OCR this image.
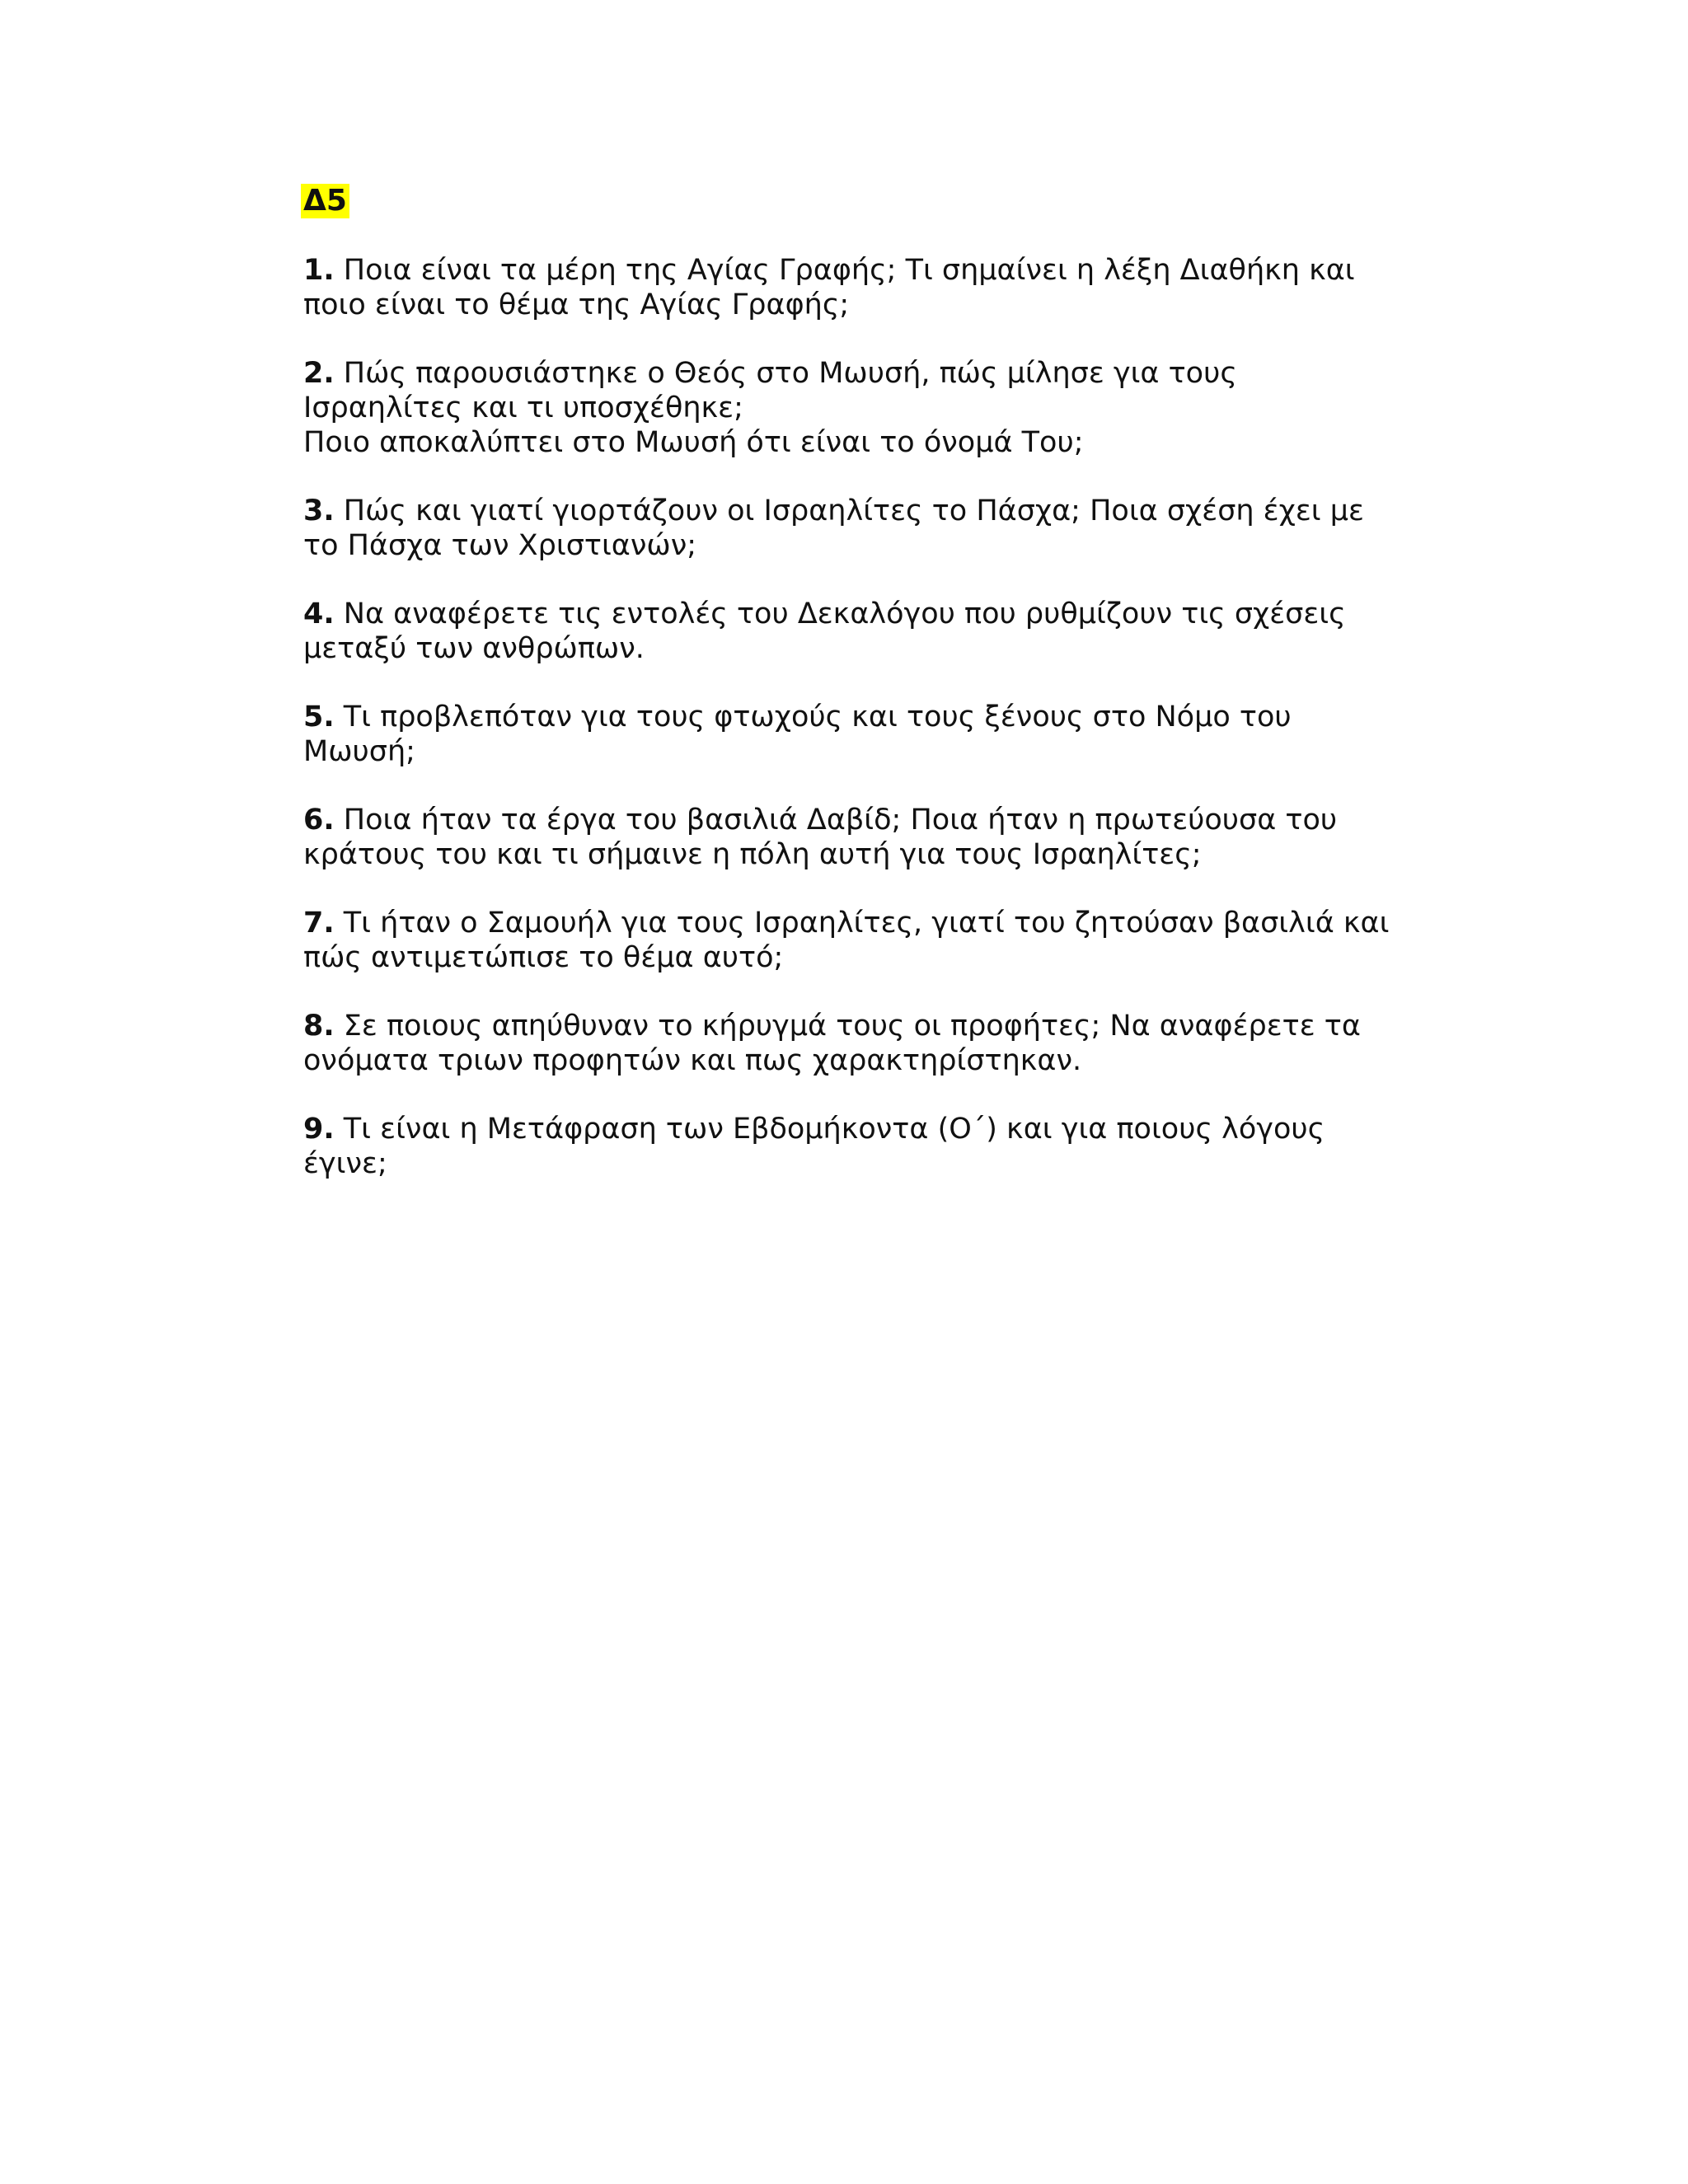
Δ5

1. Ποια είναι τα μέρη της Αγίας Γραφής; Τι σημαίνει η λέξη Διαθήκη και ποιο είναι το θέμα της Αγίας Γραφής;

2. Πώς παρουσιάστηκε ο Θεός στο Μωυσή, πώς μίλησε για τους Ισραηλίτες και τι υποσχέθηκε;

Ποιο αποκαλύπτει στο Μωυσή ότι είναι το όνομά Του;

3. Πώς και γιατί γιορτάζουν οι Ισραηλίτες το Πάσχα; Ποια σχέση έχει με το Πάσχα των Χριστιανών;

4. Να αναφέρετε τις εντολές του Δεκαλόγου που ρυθμίζουν τις σχέσεις μεταξύ των ανθρώπων.

5. Τι προβλεπόταν για τους φτωχούς και τους ξένους στο Νόμο του Μωυσή;

6. Ποια ήταν τα έργα του βασιλιά Δαβίδ; Ποια ήταν η πρωτεύουσα του κράτους του και τι σήμαινε η πόλη αυτή για τους Ισραηλίτες;

7. Τι ήταν ο Σαμουήλ για τους Ισραηλίτες, γιατί του ζητούσαν βασιλιά και πώς αντιμετώπισε το θέμα αυτό;

8. Σε ποιους απηύθυναν το κήρυγμά τους οι προφήτες; Να αναφέρετε τα ονόματα τριων προφητών και πως χαρακτηρίστηκαν.

9. Τι είναι η Μετάφραση των Εβδομήκοντα (Ο΄) και για ποιους λόγους έγινε;
